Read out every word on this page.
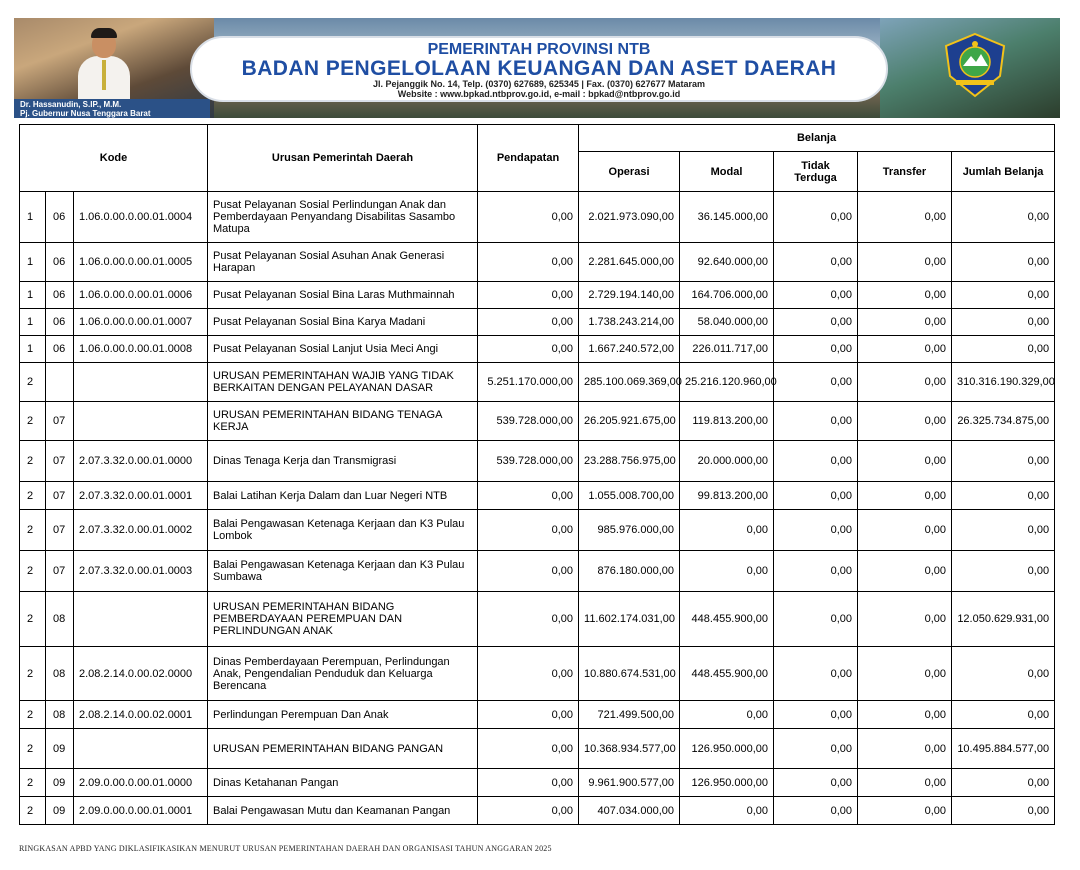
Dr. Hassanudin, S.IP., M.M.
Pj. Gubernur Nusa Tenggara Barat
PEMERINTAH PROVINSI NTB
BADAN PENGELOLAAN KEUANGAN DAN ASET DAERAH
Jl. Pejanggik No. 14, Telp. (0370) 627689, 625345 | Fax. (0370) 627677 Mataram
Website : www.bpkad.ntbprov.go.id, e-mail : bpkad@ntbprov.go.id
Kode			Urusan Pemerintah Daerah	Pendapatan	Belanja				
					Operasi	Modal	Tidak Terduga	Transfer	Jumlah Belanja
1	06	1.06.0.00.0.00.01.0004	Pusat Pelayanan Sosial Perlindungan Anak dan Pemberdayaan Penyandang Disabilitas Sasambo Matupa	0,00	2.021.973.090,00	36.145.000,00	0,00	0,00	0,00
1	06	1.06.0.00.0.00.01.0005	Pusat Pelayanan Sosial Asuhan Anak Generasi Harapan	0,00	2.281.645.000,00	92.640.000,00	0,00	0,00	0,00
1	06	1.06.0.00.0.00.01.0006	Pusat Pelayanan Sosial Bina Laras Muthmainnah	0,00	2.729.194.140,00	164.706.000,00	0,00	0,00	0,00
1	06	1.06.0.00.0.00.01.0007	Pusat Pelayanan Sosial Bina Karya Madani	0,00	1.738.243.214,00	58.040.000,00	0,00	0,00	0,00
1	06	1.06.0.00.0.00.01.0008	Pusat Pelayanan Sosial Lanjut Usia Meci Angi	0,00	1.667.240.572,00	226.011.717,00	0,00	0,00	0,00
2			URUSAN PEMERINTAHAN WAJIB YANG TIDAK BERKAITAN DENGAN PELAYANAN DASAR	5.251.170.000,00	285.100.069.369,00	25.216.120.960,00	0,00	0,00	310.316.190.329,00
2	07		URUSAN PEMERINTAHAN BIDANG TENAGA KERJA	539.728.000,00	26.205.921.675,00	119.813.200,00	0,00	0,00	26.325.734.875,00
2	07	2.07.3.32.0.00.01.0000	Dinas Tenaga Kerja dan Transmigrasi	539.728.000,00	23.288.756.975,00	20.000.000,00	0,00	0,00	0,00
2	07	2.07.3.32.0.00.01.0001	Balai Latihan Kerja Dalam dan Luar Negeri NTB	0,00	1.055.008.700,00	99.813.200,00	0,00	0,00	0,00
2	07	2.07.3.32.0.00.01.0002	Balai Pengawasan Ketenaga Kerjaan dan K3 Pulau Lombok	0,00	985.976.000,00	0,00	0,00	0,00	0,00
2	07	2.07.3.32.0.00.01.0003	Balai Pengawasan Ketenaga Kerjaan dan K3 Pulau Sumbawa	0,00	876.180.000,00	0,00	0,00	0,00	0,00
2	08		URUSAN PEMERINTAHAN BIDANG PEMBERDAYAAN PEREMPUAN DAN PERLINDUNGAN ANAK	0,00	11.602.174.031,00	448.455.900,00	0,00	0,00	12.050.629.931,00
2	08	2.08.2.14.0.00.02.0000	Dinas Pemberdayaan Perempuan, Perlindungan Anak, Pengendalian Penduduk dan Keluarga Berencana	0,00	10.880.674.531,00	448.455.900,00	0,00	0,00	0,00
2	08	2.08.2.14.0.00.02.0001	Perlindungan Perempuan Dan Anak	0,00	721.499.500,00	0,00	0,00	0,00	0,00
2	09		URUSAN PEMERINTAHAN BIDANG PANGAN	0,00	10.368.934.577,00	126.950.000,00	0,00	0,00	10.495.884.577,00
2	09	2.09.0.00.0.00.01.0000	Dinas Ketahanan Pangan	0,00	9.961.900.577,00	126.950.000,00	0,00	0,00	0,00
2	09	2.09.0.00.0.00.01.0001	Balai Pengawasan Mutu dan Keamanan Pangan	0,00	407.034.000,00	0,00	0,00	0,00	0,00
RINGKASAN APBD YANG DIKLASIFIKASIKAN MENURUT URUSAN PEMERINTAHAN DAERAH DAN ORGANISASI TAHUN ANGGARAN 2025
